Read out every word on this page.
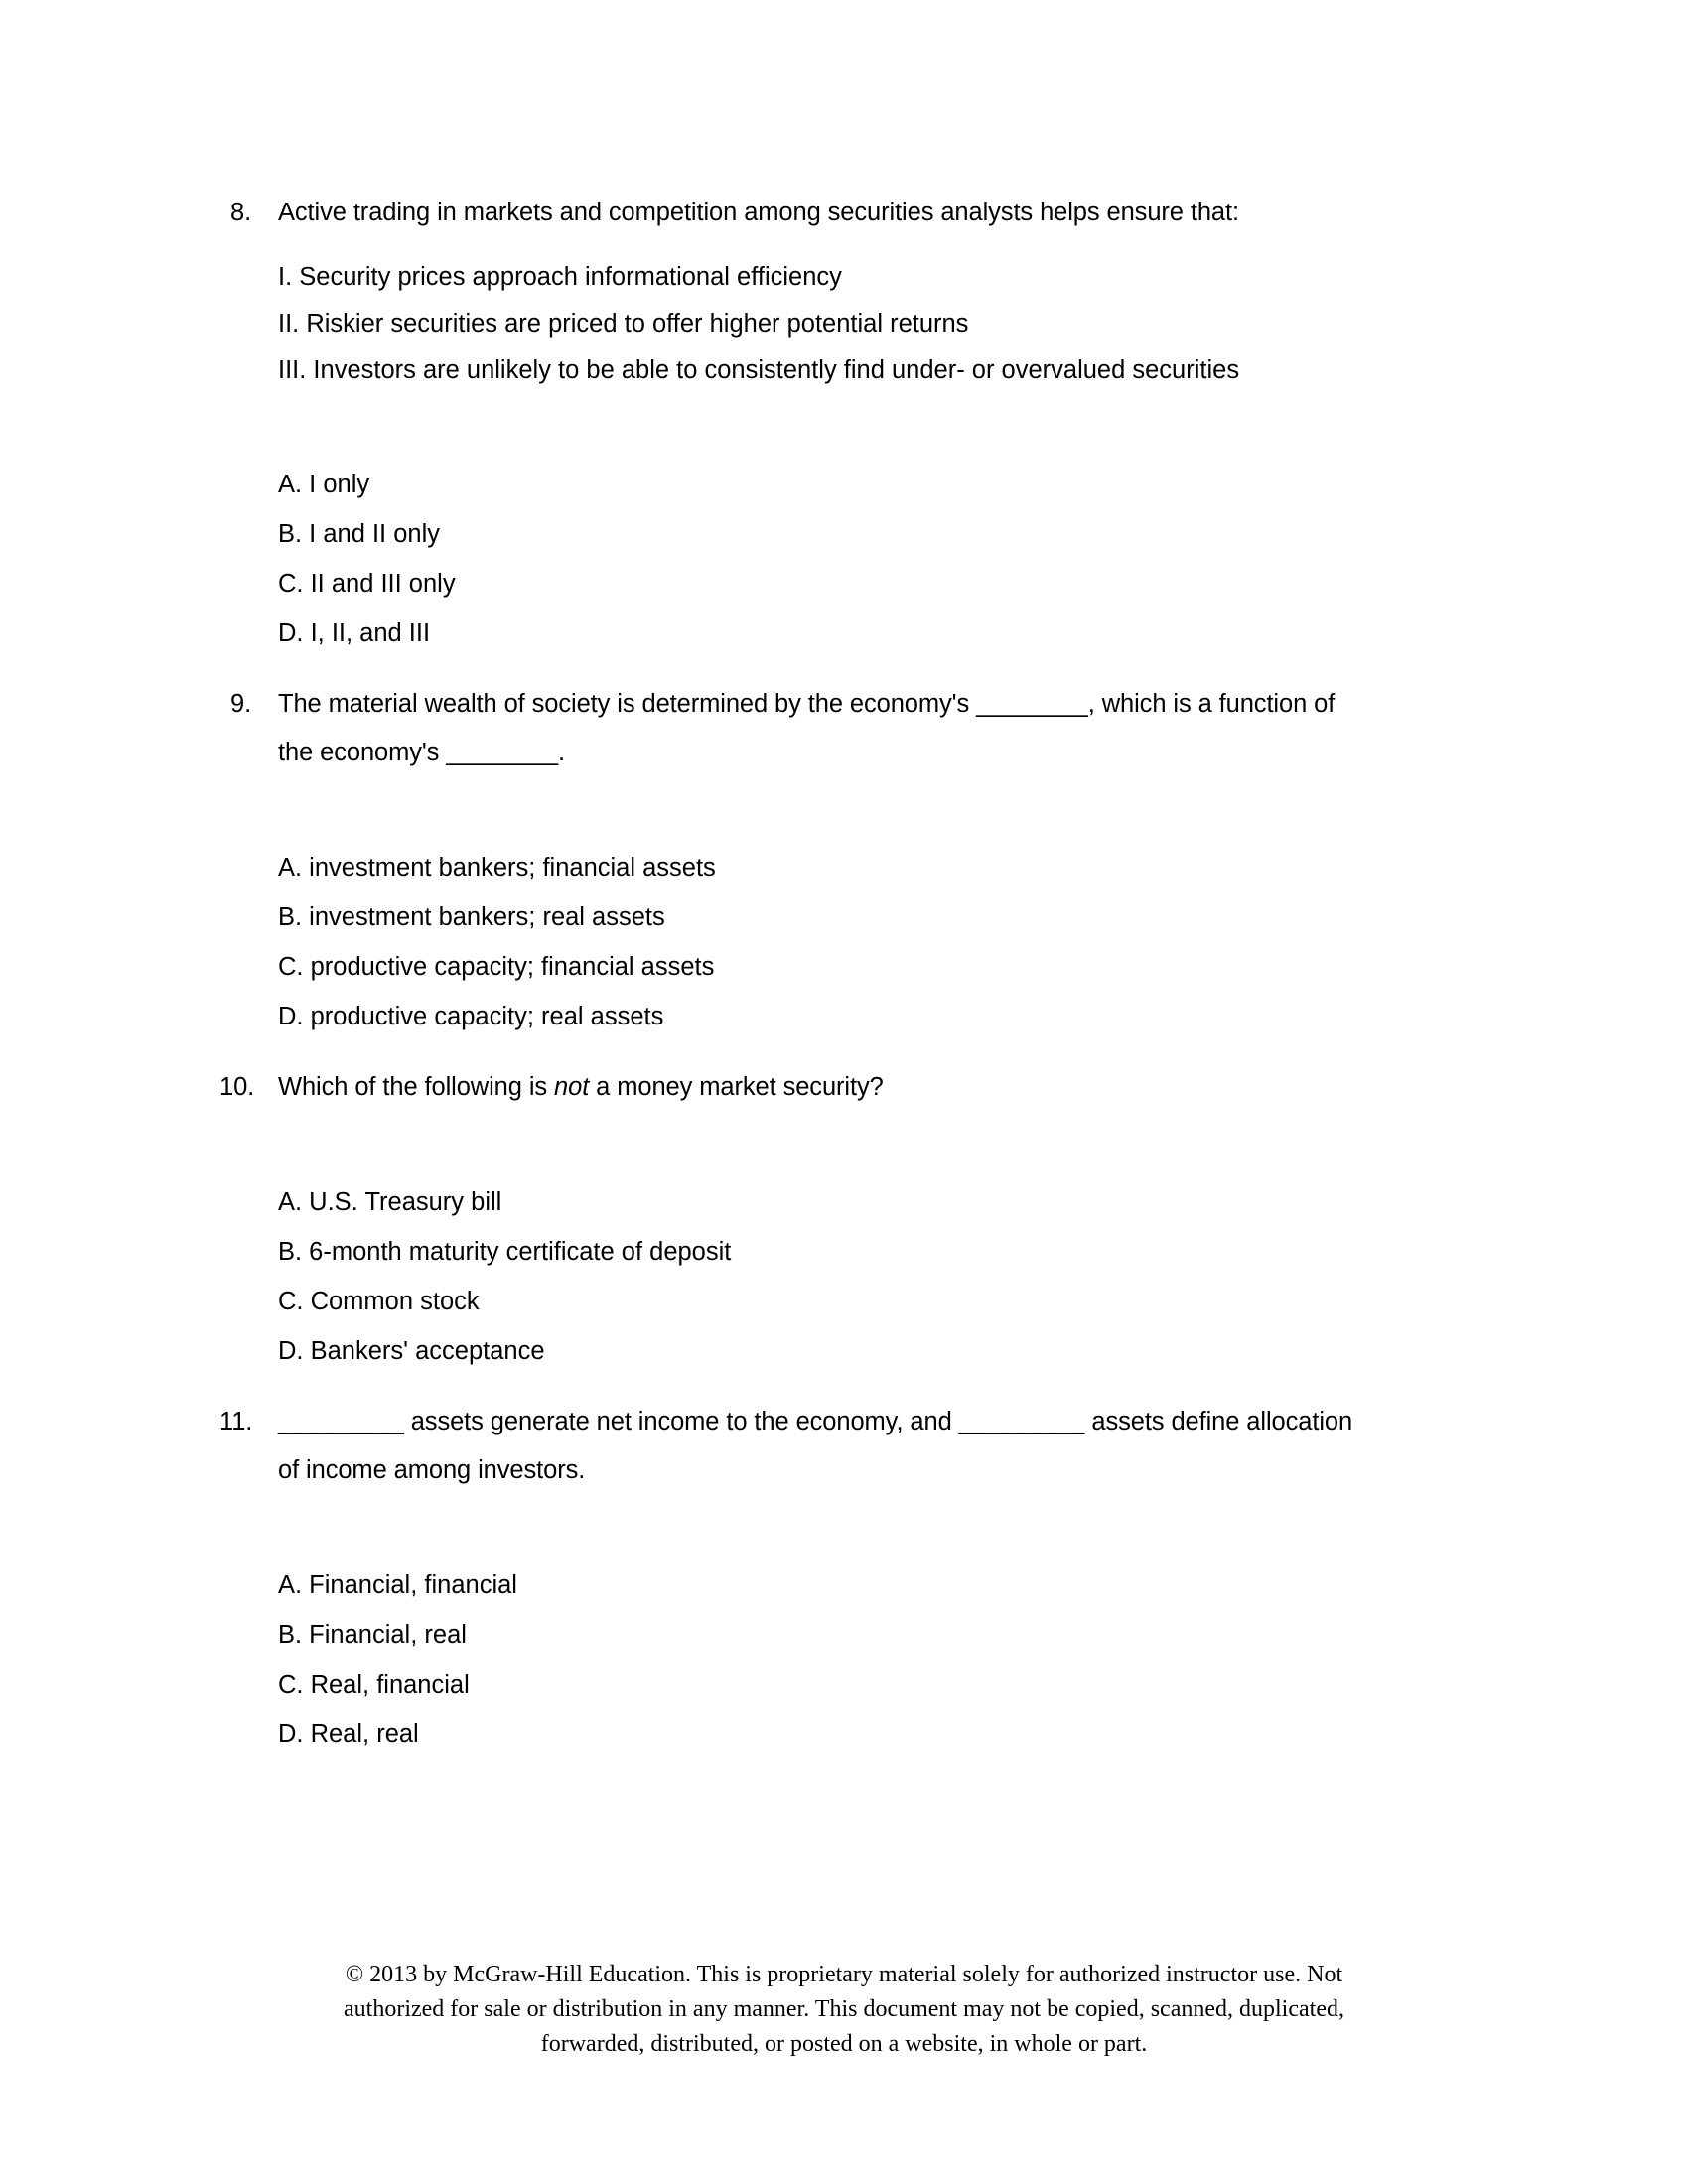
8.	Active trading in markets and competition among securities analysts helps ensure that:
I. Security prices approach informational efficiency
II. Riskier securities are priced to offer higher potential returns
III. Investors are unlikely to be able to consistently find under- or overvalued securities
A. I only
B. I and II only
C. II and III only
D. I, II, and III
9.	The material wealth of society is determined by the economy's ________, which is a function of
the economy's ________.
A. investment bankers; financial assets
B. investment bankers; real assets
C. productive capacity; financial assets
D. productive capacity; real assets
10. Which of the following is not a money market security?
A. U.S. Treasury bill
B. 6-month maturity certificate of deposit
C. Common stock
D. Bankers' acceptance
11.	_________ assets generate net income to the economy, and _________ assets define allocation
of income among investors.
A. Financial, financial
B. Financial, real
C. Real, financial
D. Real, real
© 2013 by McGraw-Hill Education. This is proprietary material solely for authorized instructor use. Not
authorized for sale or distribution in any manner. This document may not be copied, scanned, duplicated,
forwarded, distributed, or posted on a website, in whole or part.
